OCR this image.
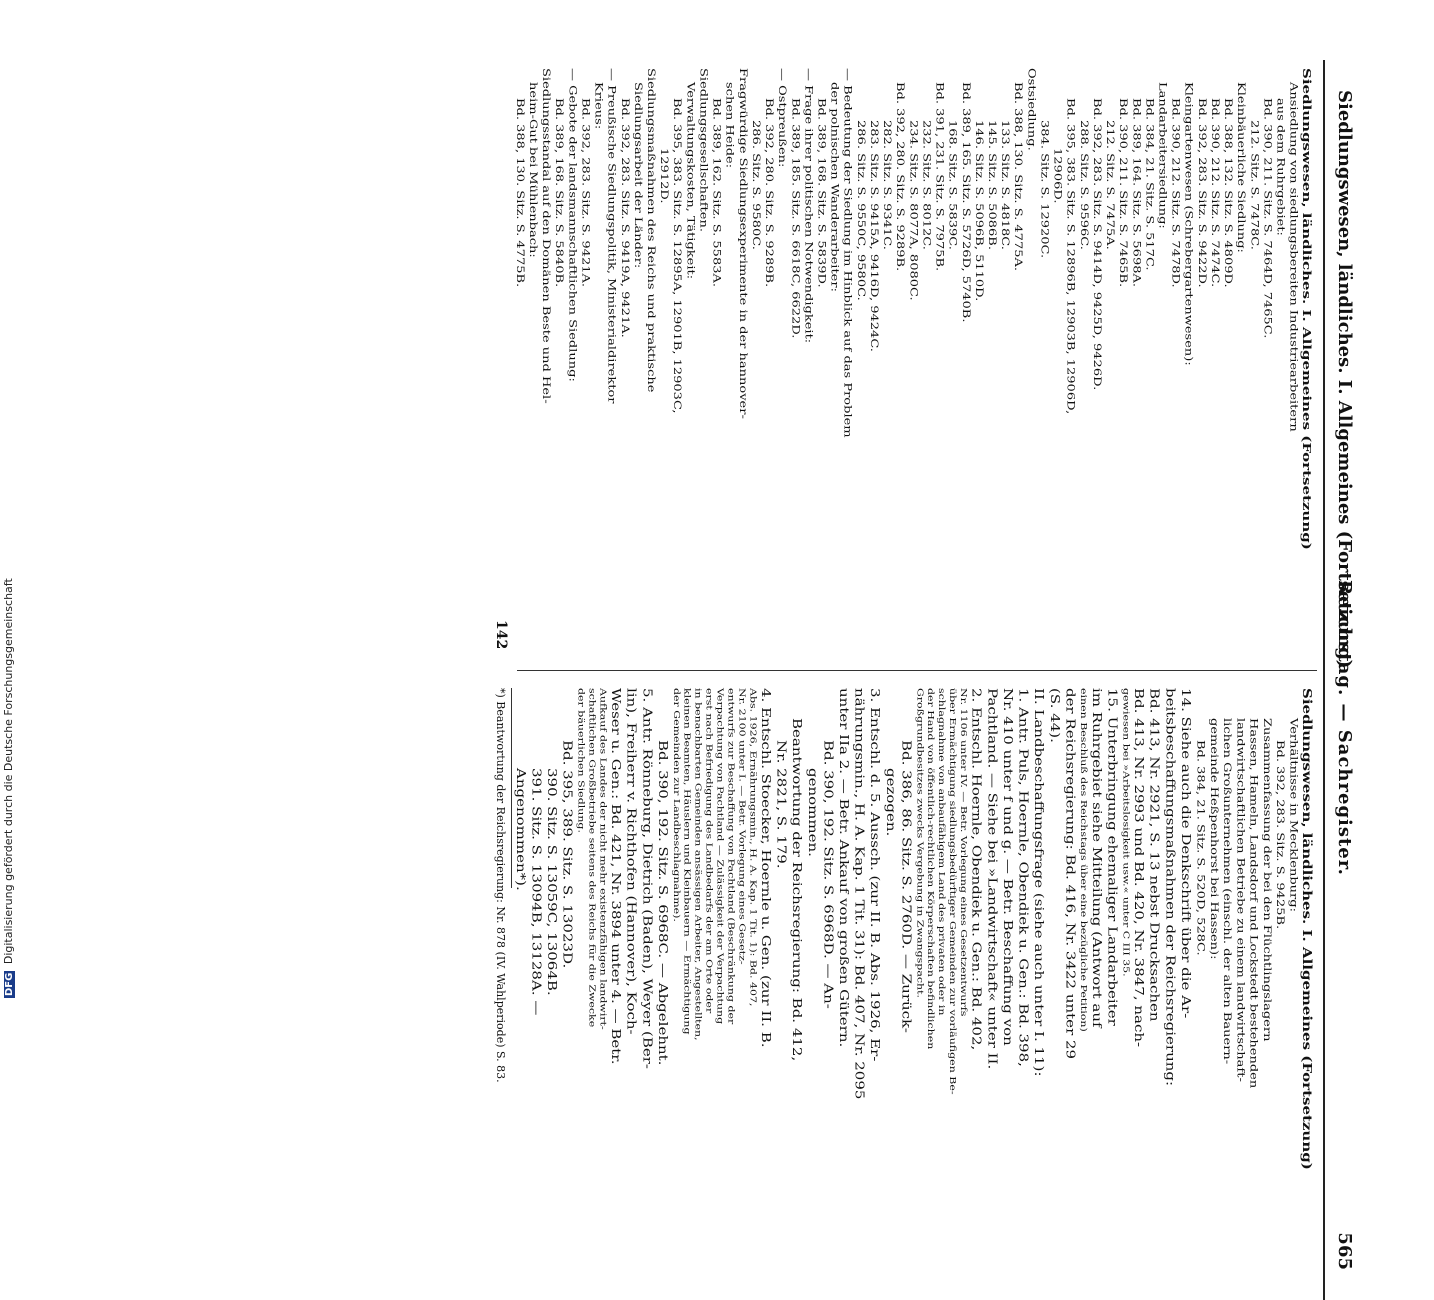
Siedlungswesen, ländliches. I. Allgemeines (Fortsetzung)
Reichstag. — Sachregister.
565
Siedlungswesen, ländliches. I. Allgemeines (Fortsetzung)
Ansiedlung von siedlungsbereiten Industriearbeitern
aus dem Ruhrgebiet:
Bd. 390, 211. Sitz. S. 7464D, 7465C.
212. Sitz. S. 7478C.
Kleinbäuerliche Siedlung:
Bd. 388, 132. Sitz. S. 4809D.
Bd. 390, 212. Sitz. S. 7474C.
Bd. 392, 283. Sitz. S. 9422D.
Kleingartenwesen (Schrebergartenwesen):
Bd. 390, 212. Sitz. S. 7478D.
Landarbeitersiedlung:
Bd. 384, 21. Sitz. S. 517C.
Bd. 389, 164. Sitz. S. 5698A.
Bd. 390, 211. Sitz. S. 7465B.
212. Sitz. S. 7475A.
Bd. 392, 283. Sitz. S. 9414D, 9425D, 9426D.
288. Sitz. S. 9596C.
Bd. 395, 383. Sitz. S. 12896B, 12903B, 12906D,
12906D.
384. Sitz. S. 12920C.
Ostsiedlung.
Bd. 388, 130. Sitz. S. 4775A.
133. Sitz. S. 4818C.
145. Sitz. S. 5086B.
146. Sitz. S. 5096B, 5110D.
Bd. 389, 165. Sitz. S. 5726D, 5740B.
168. Sitz. S. 5839C.
Bd. 391, 231. Sitz. S. 7975B.
232. Sitz. S. 8012C.
234. Sitz. S. 8077A, 8080C.
Bd. 392, 280. Sitz. S. 9289B.
282. Sitz. S. 9341C.
283. Sitz. S. 9415A, 9416D, 9424C.
286. Sitz. S. 9550C, 9580C.
— Bedeutung der Siedlung im Hinblick auf das Problem
der polnischen Wanderarbeiter:
Bd. 389, 168. Sitz. S. 5839D.
— Frage ihrer politischen Notwendigkeit:
Bd. 389, 185. Sitz. S. 6618C, 6622D.
— Ostpreußen:
Bd. 392, 280. Sitz. S. 9289B.
286. Sitz. S. 9580C.
Fragwürdige Siedlungsexperimente in der hannover-
schen Heide:
Bd. 389, 162. Sitz. S. 5583A.
Siedlungsgesellschaften.
Verwaltungskosten, Tätigkeit:
Bd. 395, 383. Sitz. S. 12895A, 12901B, 12903C,
12912D.
Siedlungsmaßnahmen des Reichs und praktische
Siedlungsarbeit der Länder:
Bd. 392, 283. Sitz. S. 9419A, 9421A.
— Preußische Siedlungspolitik, Ministerialdirektor
Krieus:
Bd. 392, 283. Sitz. S. 9421A.
— Gebote der landsmannschaftlichen Siedlung:
Bd. 389, 168. Sitz. S. 5840B.
Siedlungsstandal auf den Domänen Beste und Hel-
heim-Gut bei Mühlenbach:
Bd. 388, 130. Sitz. S. 4775B.
Siedlungswesen, ländliches. I. Allgemeines (Fortsetzung)
Verhältnisse in Mecklenburg:
Bd. 392, 283. Sitz. S. 9425B.
Zusammenfassung der bei den Flüchtlingslagern
Hassen, Hameln, Landsdorf und Lockstedt bestehenden
landwirtschaftlichen Betriebe zu einem landwirtschaft-
lichen Großunternehmen (einschl. der alten Bauern-
gemeinde Heßpenhorst bei Hassen):
Bd. 384, 21. Sitz. S. 520D, 528C.
14. Siehe auch die Denkschrift über die Ar-
beitsbeschaffungsmaßnahmen der Reichsregierung:
Bd. 413, Nr. 2921, S. 13 nebst Drucksachen
Bd. 413, Nr. 2993 und Bd. 420, Nr. 3847, nach-
gewiesen bei »Arbeitslosigkeit usw.« unter C III 35.
15. Unterbringung ehemaliger Landarbeiter
im Ruhrgebiet siehe Mitteilung (Antwort auf
einen Beschluß des Reichstags über eine bezügliche Petition)
der Reichsregierung: Bd. 416, Nr. 3422 unter 29
(S. 44).
II. Landbeschaffungsfrage (siehe auch unter I. 11):
1. Antr. Puls, Hoernle, Obendiek u. Gen.: Bd. 398,
Nr. 410 unter f und g. — Betr. Beschaffung von
Pachtland. — Siehe bei »Landwirtschaft« unter II.
2. Entschl. Hoernle, Obendiek u. Gen.: Bd. 402,
Nr. 1106 unter IV. — Betr. Vorlegung eines Gesetzentwurfs
über Ermächtigung siedlungsbedürftiger Gemeinden zur vorläufigen Be-
schlagnahme von anbaufähigem Land des privaten oder in
der Hand von öffentlich-rechtlichen Körperschaften befindlichen
Großgrundbesitzes zwecks Vergebung in Zwangspacht.
Bd. 386, 86. Sitz. S. 2760D. — Zurück-
gezogen.
3. Entschl. d. 5. Aussch. (zur II. B. Abs. 1926, Er-
nährungsmin., H. A. Kap. 1 Tit. 31): Bd. 407, Nr. 2095
unter IIa 2. — Betr. Ankauf von großen Gütern.
Bd. 390, 192. Sitz. S. 6968D. — An-
genommen.
Beantwortung der Reichsregierung: Bd. 412,
Nr. 2821, S. 179.
4. Entschl. Stoecker, Hoernle u. Gen. (zur II. B.
Abs. 1926, Ernährungsmin., H. A. Kap. 1 Tit. 1): Bd. 407,
Nr. 2100 unter I. — Betr. Vorlegung eines Gesetz-
entwurfs zur Beschaffung von Pachtland (Beschränkung der
Verpachtung von Pachtland — Zulässigkeit der Verpachtung
erst nach Befriedigung des Landbedarfs der am Orte oder
in benachbarten Gemeinden ansässigen Arbeiter, Angestellten,
kleinen Beamten, Häuslern und Kleinbauern — Ermächtigung
der Gemeinden zur Landbeschlagnahme).
Bd. 390, 192. Sitz. S. 6968C. — Abgelehnt.
5. Antr. Rönneburg, Dietrich (Baden), Weyer (Ber-
lin), Freiherr v. Richthofen (Hannover), Koch-
Weser u. Gen.: Bd. 421, Nr. 3894 unter 4. — Betr.
Aufkauf des Landes der nicht mehr existenzfähigen landwirt-
schaftlichen Großbetriebe seitens des Reichs für die Zwecke
der bäuerlichen Siedlung.
Bd. 395, 389. Sitz. S. 13023D.
390. Sitz. S. 13059C, 13064B.
391. Sitz. S. 13094B, 13128A. —
Angenommen*).
*) Beantwortung der Reichsregierung: Nr. 878 (IV. Wahlperiode) S. 83.
142
DFG Digitalisierung gefördert durch die Deutsche Forschungsgemeinschaft
